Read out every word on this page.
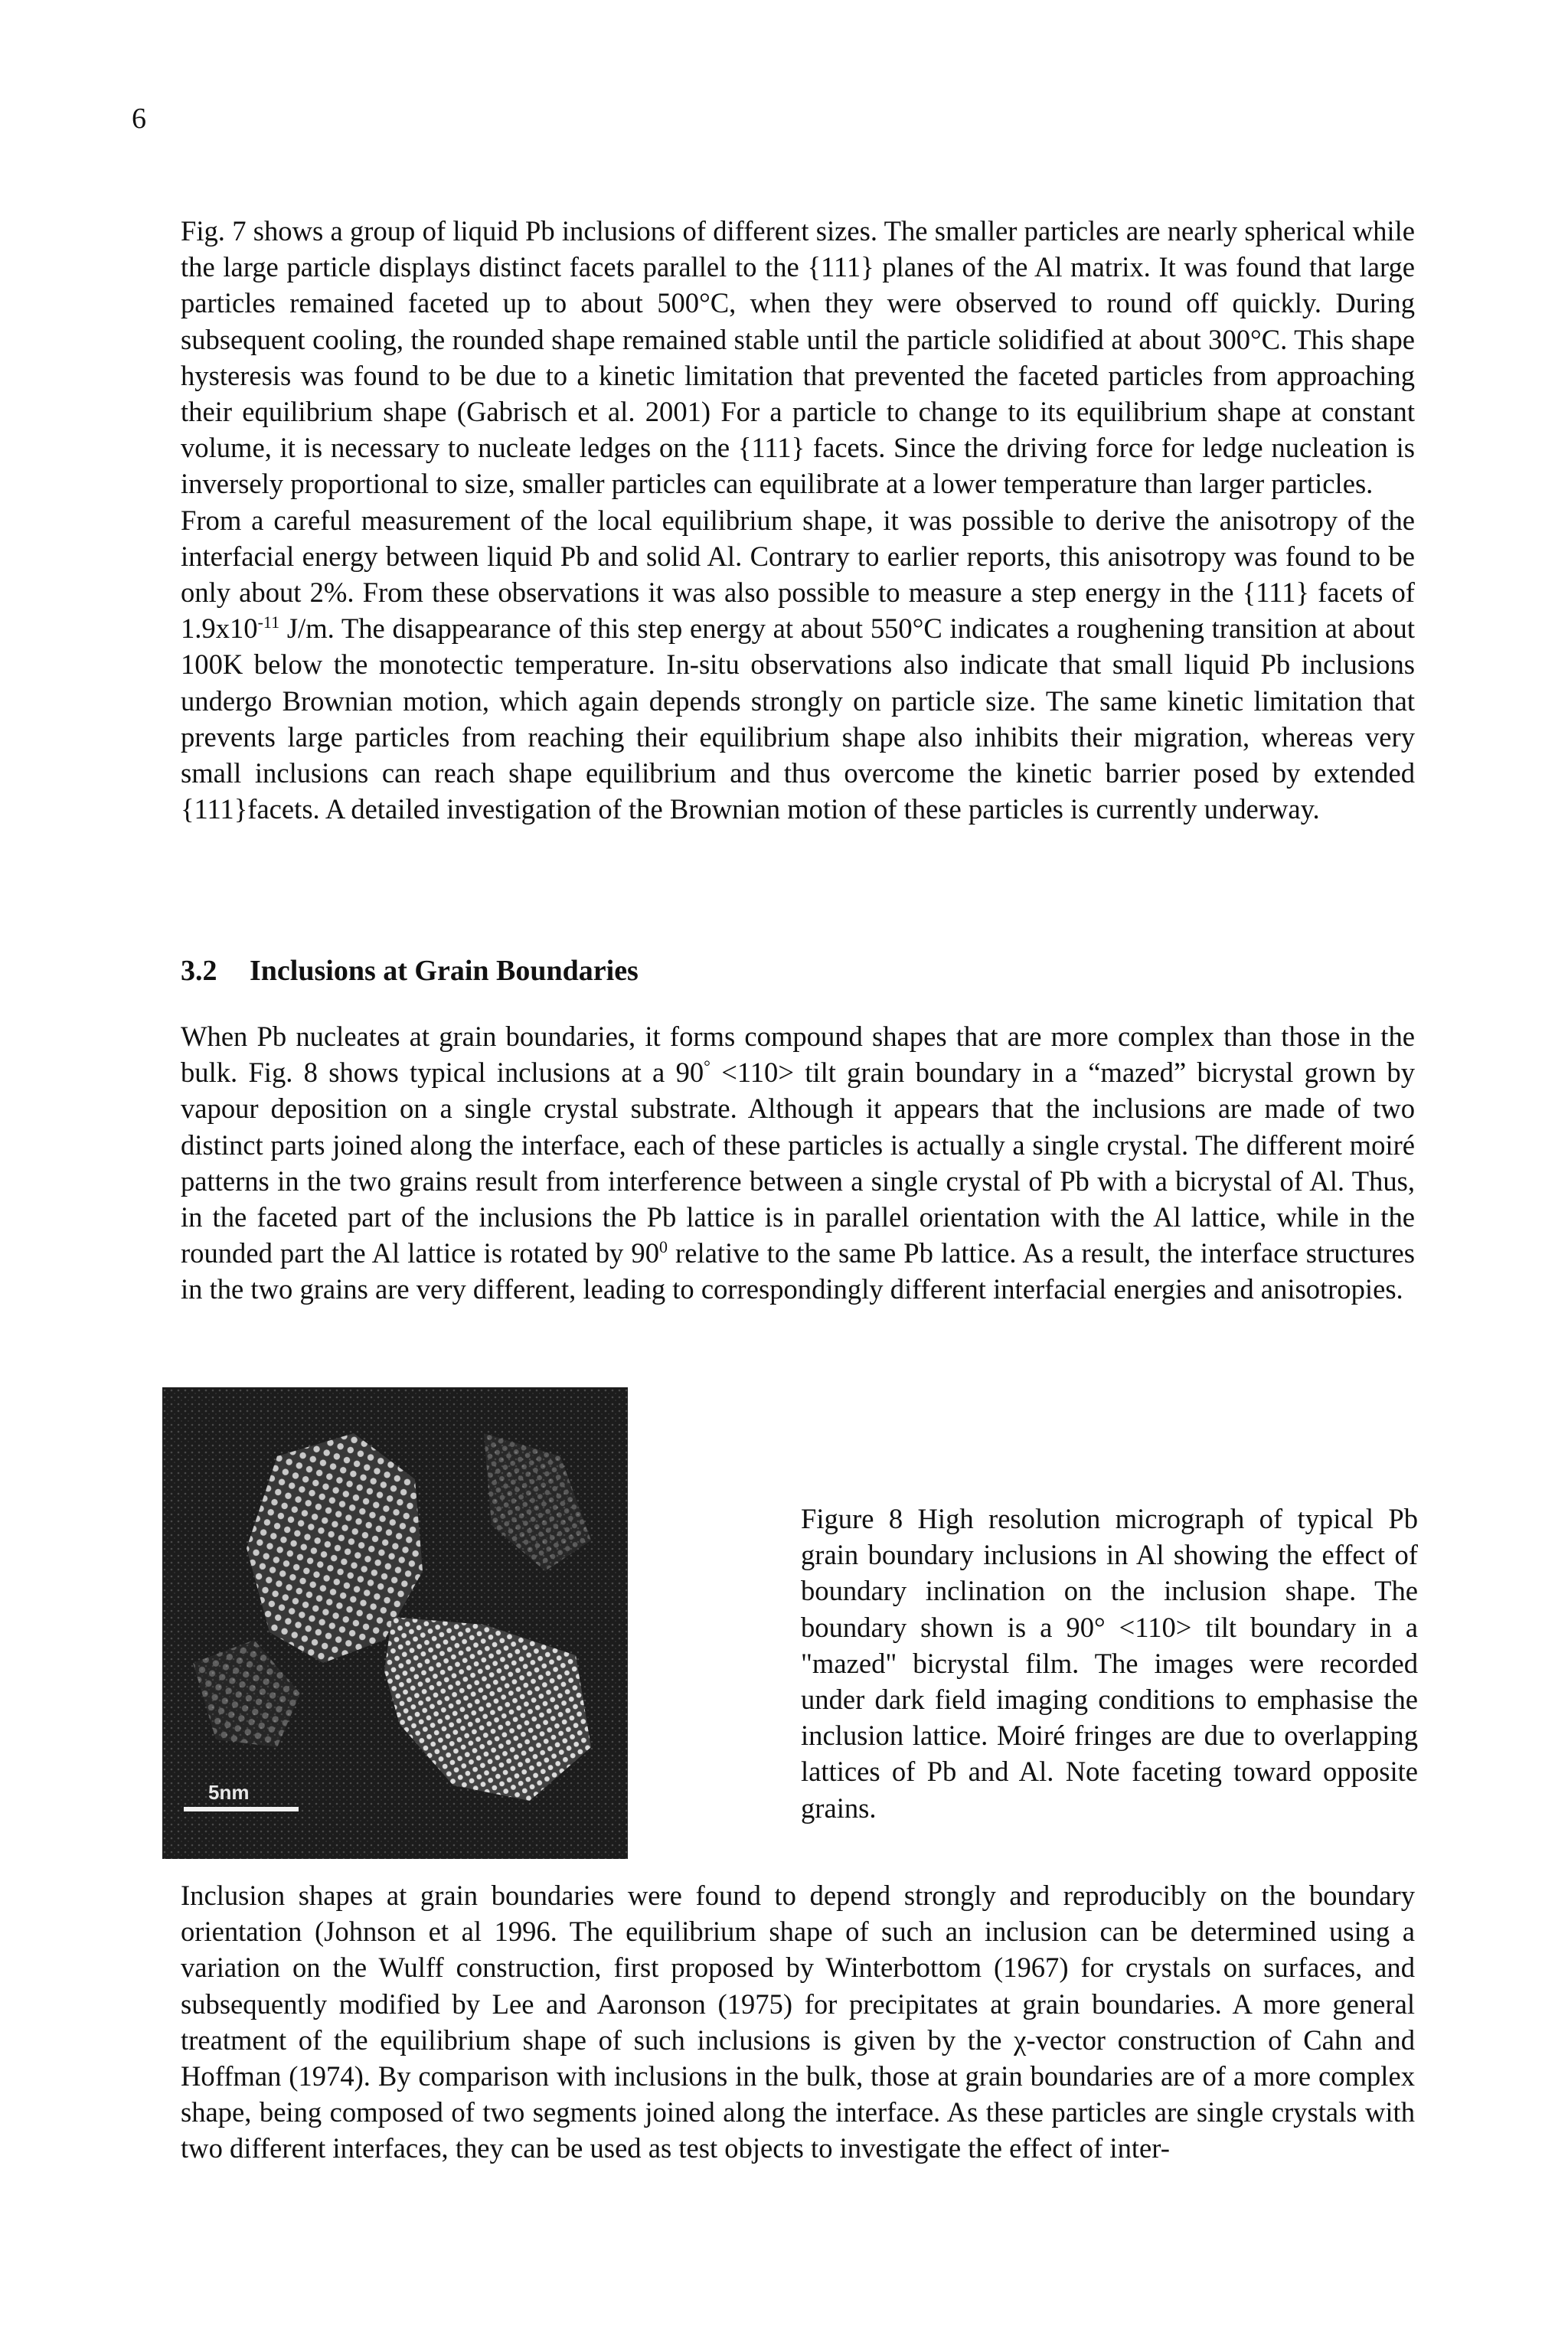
6

Fig. 7 shows a group of liquid Pb inclusions of different sizes. The smaller particles are nearly spherical while the large particle displays distinct facets parallel to the {111} planes of the Al matrix. It was found that large particles remained faceted up to about 500°C, when they were observed to round off quickly. During subsequent cooling, the rounded shape remained stable until the particle solidified at about 300°C. This shape hysteresis was found to be due to a kinetic limitation that prevented the faceted particles from approaching their equilibrium shape (Gabrisch et al. 2001) For a particle to change to its equilibrium shape at constant volume, it is necessary to nucleate ledges on the {111} facets. Since the driving force for ledge nucleation is inversely proportional to size, smaller particles can equilibrate at a lower temperature than larger particles.

From a careful measurement of the local equilibrium shape, it was possible to derive the anisotropy of the interfacial energy between liquid Pb and solid Al. Contrary to earlier reports, this anisotropy was found to be only about 2%. From these observations it was also possible to measure a step energy in the {111} facets of $1.9x10^{-11}$ J/m. The disappearance of this step energy at about 550°C indicates a roughening transition at about 100K below the monotectic temperature. In-situ observations also indicate that small liquid Pb inclusions undergo Brownian motion, which again depends strongly on particle size. The same kinetic limitation that prevents large particles from reaching their equilibrium shape also inhibits their migration, whereas very small inclusions can reach shape equilibrium and thus overcome the kinetic barrier posed by extended {111}facets. A detailed investigation of the Brownian motion of these particles is currently underway.

3.2 Inclusions at Grain Boundaries

When Pb nucleates at grain boundaries, it forms compound shapes that are more complex than those in the bulk. Fig. 8 shows typical inclusions at a 90° <110> tilt grain boundary in a “mazed” bicrystal grown by vapour deposition on a single crystal substrate. Although it appears that the inclusions are made of two distinct parts joined along the interface, each of these particles is actually a single crystal. The different moiré patterns in the two grains result from interference between a single crystal of Pb with a bicrystal of Al. Thus, in the faceted part of the inclusions the Pb lattice is in parallel orientation with the Al lattice, while in the rounded part the Al lattice is rotated by $90^0$ relative to the same Pb lattice. As a result, the interface structures in the two grains are very different, leading to correspondingly different interfacial energies and anisotropies.

5nm

Figure 8 High resolution micrograph of typical Pb grain boundary inclusions in Al showing the effect of boundary inclination on the inclusion shape. The boundary shown is a 90° <110> tilt boundary in a "mazed" bicrystal film. The images were recorded under dark field imaging conditions to emphasise the inclusion lattice. Moiré fringes are due to overlapping lattices of Pb and Al. Note faceting toward opposite grains.

Inclusion shapes at grain boundaries were found to depend strongly and reproducibly on the boundary orientation (Johnson et al 1996. The equilibrium shape of such an inclusion can be determined using a variation on the Wulff construction, first proposed by Winterbottom (1967) for crystals on surfaces, and subsequently modified by Lee and Aaronson (1975) for precipitates at grain boundaries. A more general treatment of the equilibrium shape of such inclusions is given by the χ-vector construction of Cahn and Hoffman (1974). By comparison with inclusions in the bulk, those at grain boundaries are of a more complex shape, being composed of two segments joined along the interface. As these particles are single crystals with two different interfaces, they can be used as test objects to investigate the effect of inter-
